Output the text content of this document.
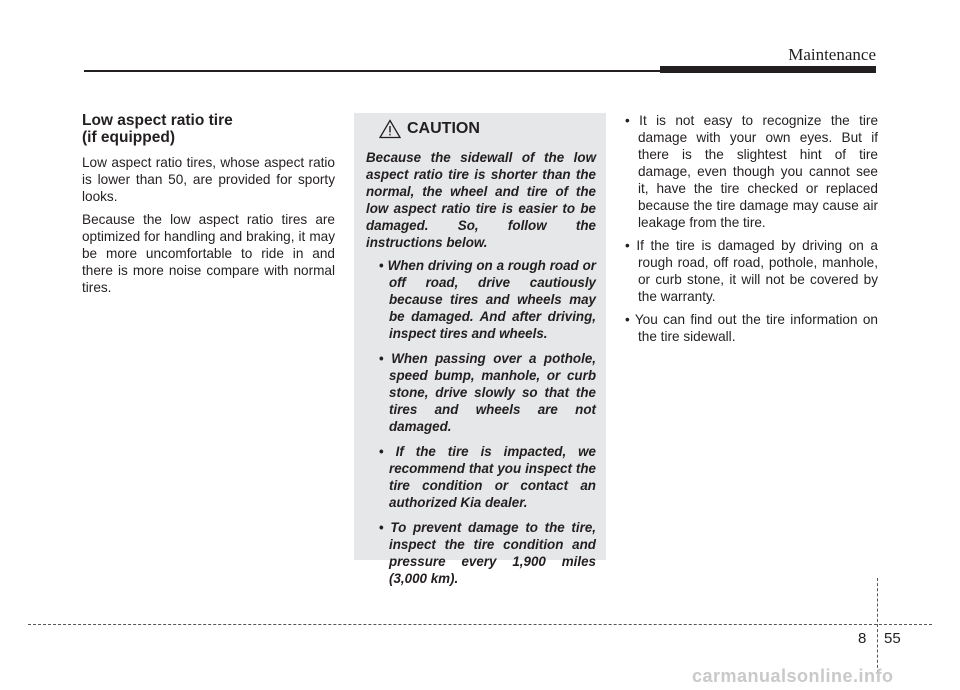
Maintenance
Low aspect ratio tire
(if equipped)

Low aspect ratio tires, whose aspect ratio is lower than 50, are provided for sporty looks.

Because the low aspect ratio tires are optimized for handling and braking, it may be more uncomfortable to ride in and there is more noise compare with normal tires.

CAUTION

Because the sidewall of the low aspect ratio tire is shorter than the normal, the wheel and tire of the low aspect ratio tire is easier to be damaged. So, follow the instructions below.

• When driving on a rough road or off road, drive cautiously because tires and wheels may be damaged. And after driving, inspect tires and wheels.
• When passing over a pothole, speed bump, manhole, or curb stone, drive slowly so that the tires and wheels are not damaged.
• If the tire is impacted, we recommend that you inspect the tire condition or contact an authorized Kia dealer.
• To prevent damage to the tire, inspect the tire condition and pressure every 1,900 miles (3,000 km).
• It is not easy to recognize the tire damage with your own eyes. But if there is the slightest hint of tire damage, even though you cannot see it, have the tire checked or replaced because the tire damage may cause air leakage from the tire.
• If the tire is damaged by driving on a rough road, off road, pothole, manhole, or curb stone, it will not be covered by the warranty.
• You can find out the tire information on the tire sidewall.
8 55
carmanualsonline.info
